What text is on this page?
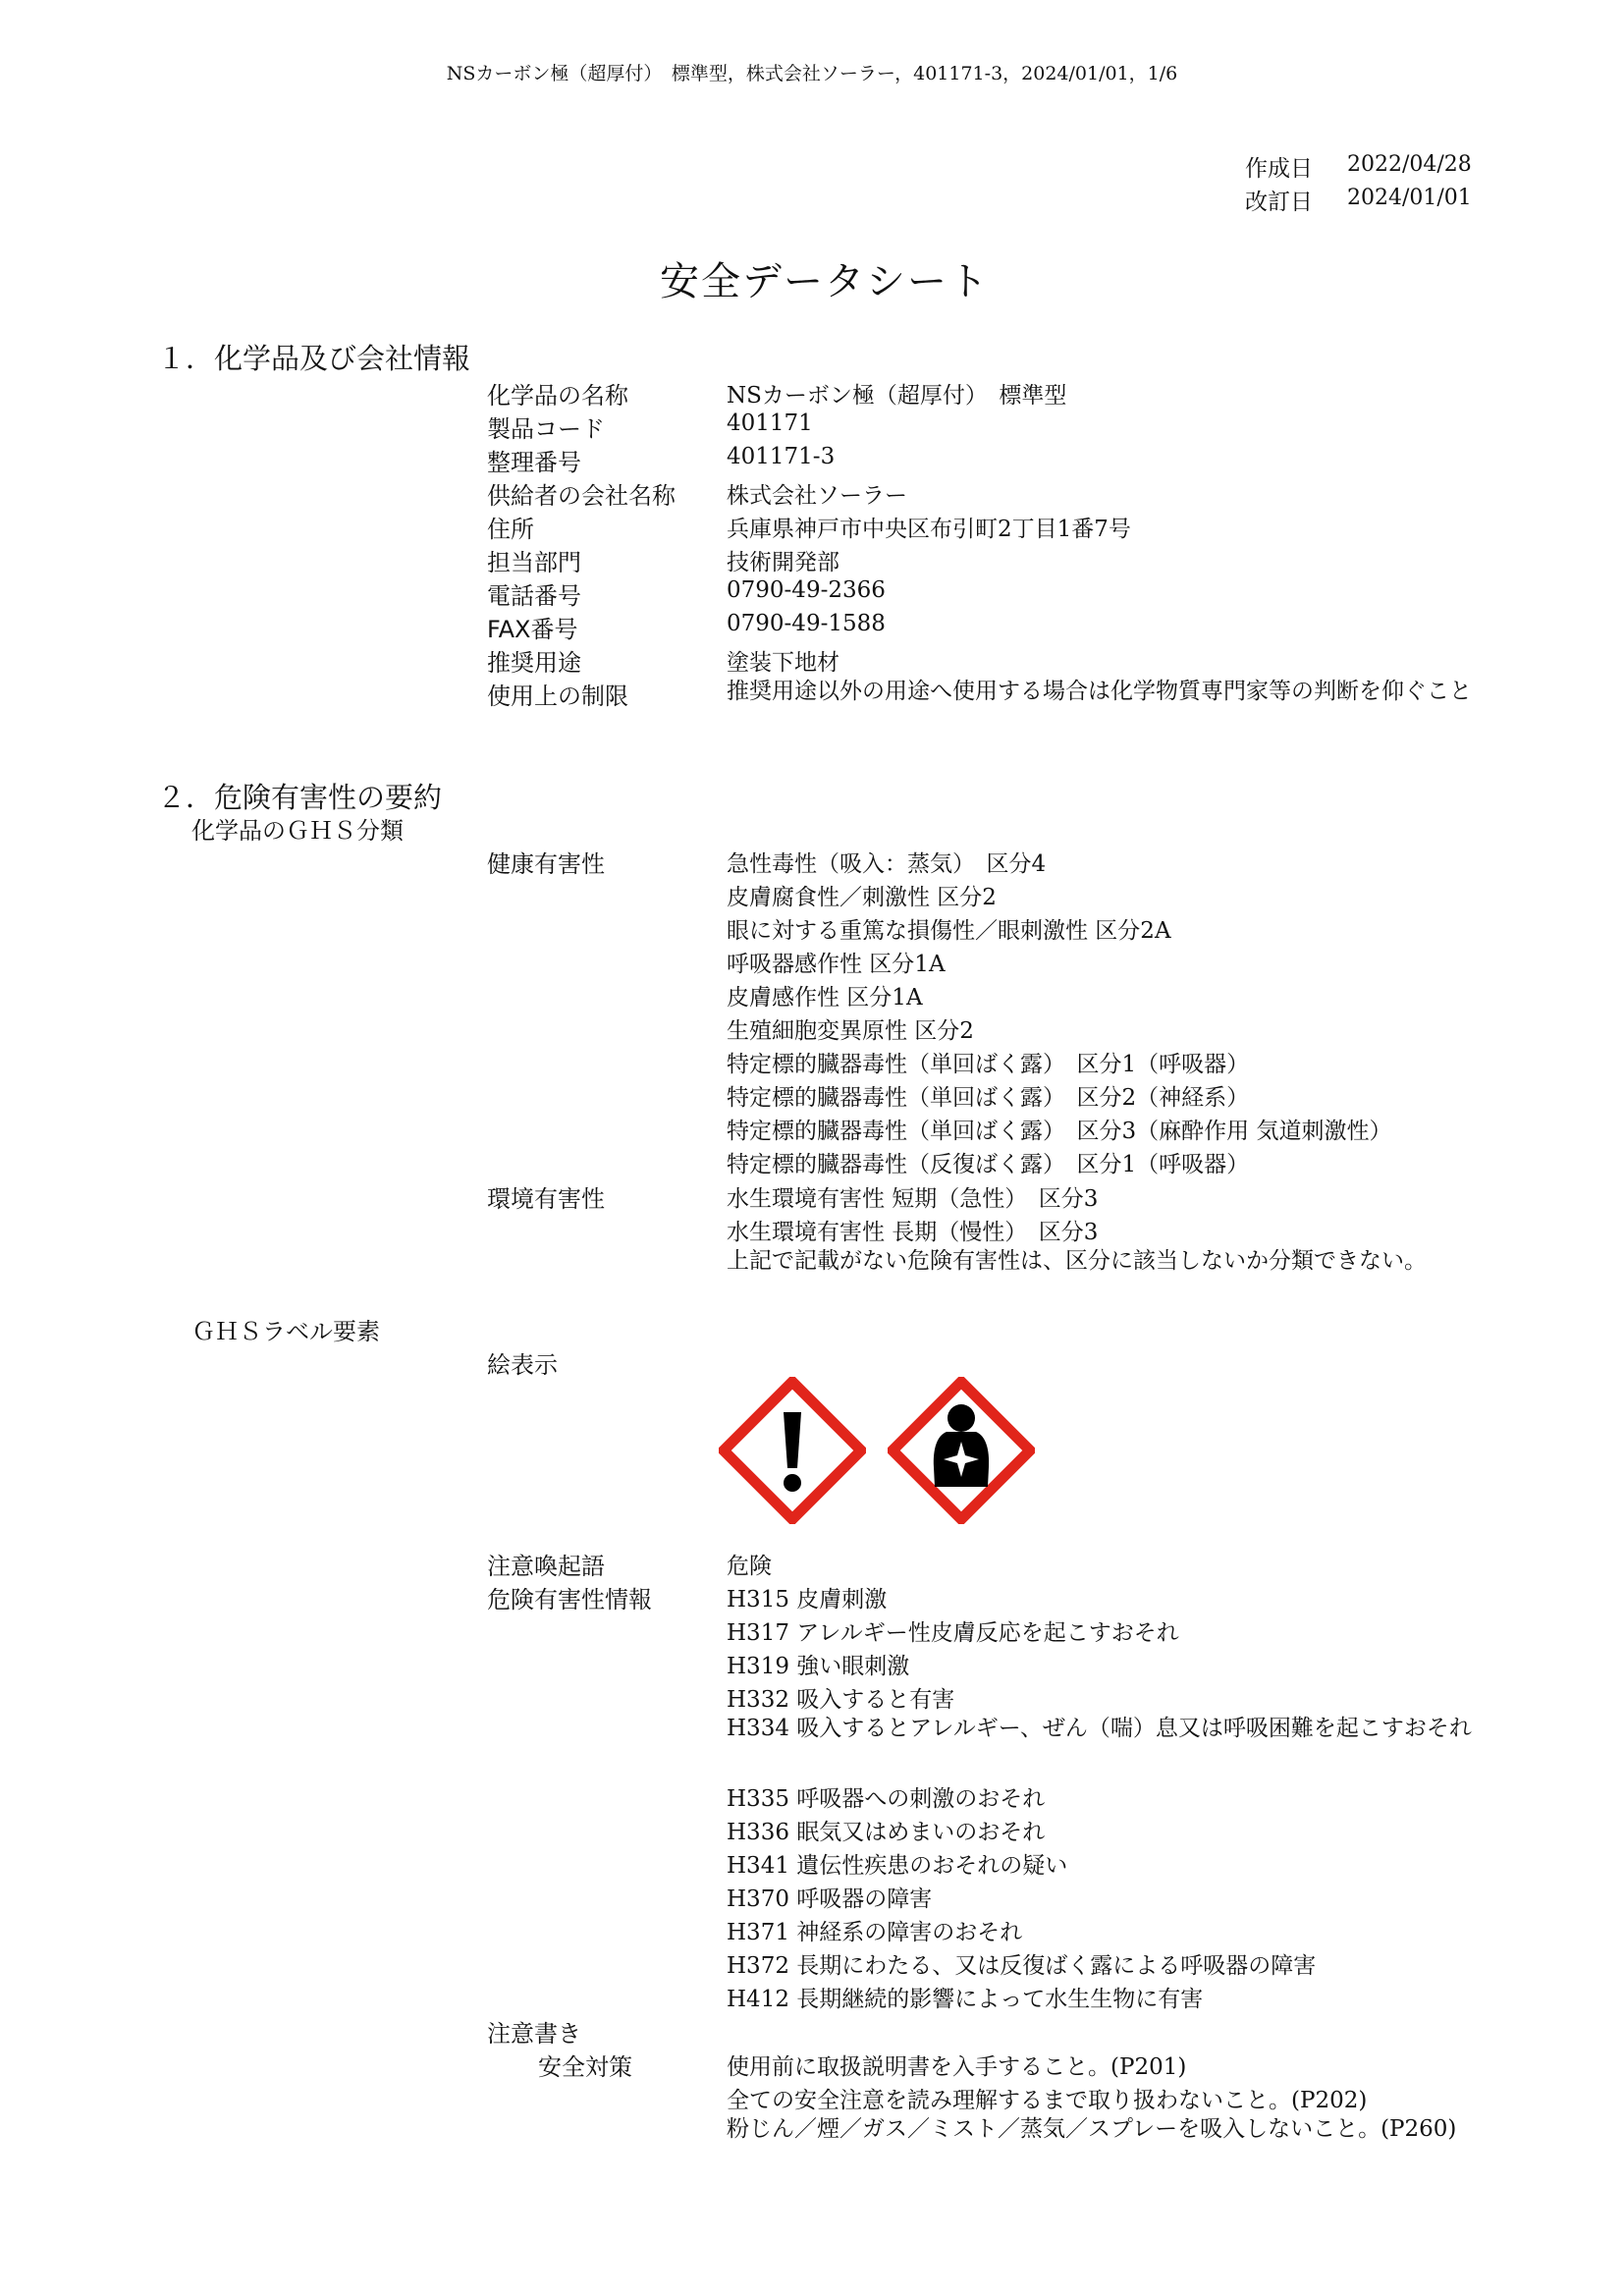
NSカーボン極（超厚付）　標準型，株式会社ソーラー，401171-3，2024/01/01，1/6
作成日 2022/04/28
改訂日 2024/01/01
安全データシート
１．化学品及び会社情報
化学品の名称	NSカーボン極（超厚付）　標準型
製品コード	401171
整理番号	401171-3
供給者の会社名称 株式会社ソーラー
住所	兵庫県神戸市中央区布引町2丁目1番7号
担当部門	技術開発部
電話番号	0790-49-2366
FAX番号	0790-49-1588
推奨用途	塗装下地材
使用上の制限	推奨用途以外の用途へ使用する場合は化学物質専門家等の判断を仰ぐこと
２．危険有害性の要約
化学品のＧＨＳ分類
健康有害性	急性毒性（吸入：蒸気）　区分4
皮膚腐食性／刺激性 区分2
眼に対する重篤な損傷性／眼刺激性 区分2A
呼吸器感作性 区分1A
皮膚感作性 区分1A
生殖細胞変異原性 区分2
特定標的臓器毒性（単回ばく露）　区分1（呼吸器）
特定標的臓器毒性（単回ばく露）　区分2（神経系）
特定標的臓器毒性（単回ばく露）　区分3（麻酔作用 気道刺激性）
特定標的臓器毒性（反復ばく露）　区分1（呼吸器）
環境有害性	水生環境有害性 短期（急性）　区分3
水生環境有害性 長期（慢性）　区分3
上記で記載がない危険有害性は、区分に該当しないか分類できない。
ＧＨＳラベル要素
絵表示
注意喚起語	危険
危険有害性情報	H315 皮膚刺激
H317 アレルギー性皮膚反応を起こすおそれ
H319 強い眼刺激
H332 吸入すると有害
H334 吸入するとアレルギー、ぜん（喘）息又は呼吸困難を起こすおそれ
H335 呼吸器への刺激のおそれ
H336 眠気又はめまいのおそれ
H341 遺伝性疾患のおそれの疑い
H370 呼吸器の障害
H371 神経系の障害のおそれ
H372 長期にわたる、又は反復ばく露による呼吸器の障害
H412 長期継続的影響によって水生生物に有害
注意書き
安全対策	使用前に取扱説明書を入手すること。(P201)
全ての安全注意を読み理解するまで取り扱わないこと。(P202)
粉じん／煙／ガス／ミスト／蒸気／スプレーを吸入しないこと。(P260)
